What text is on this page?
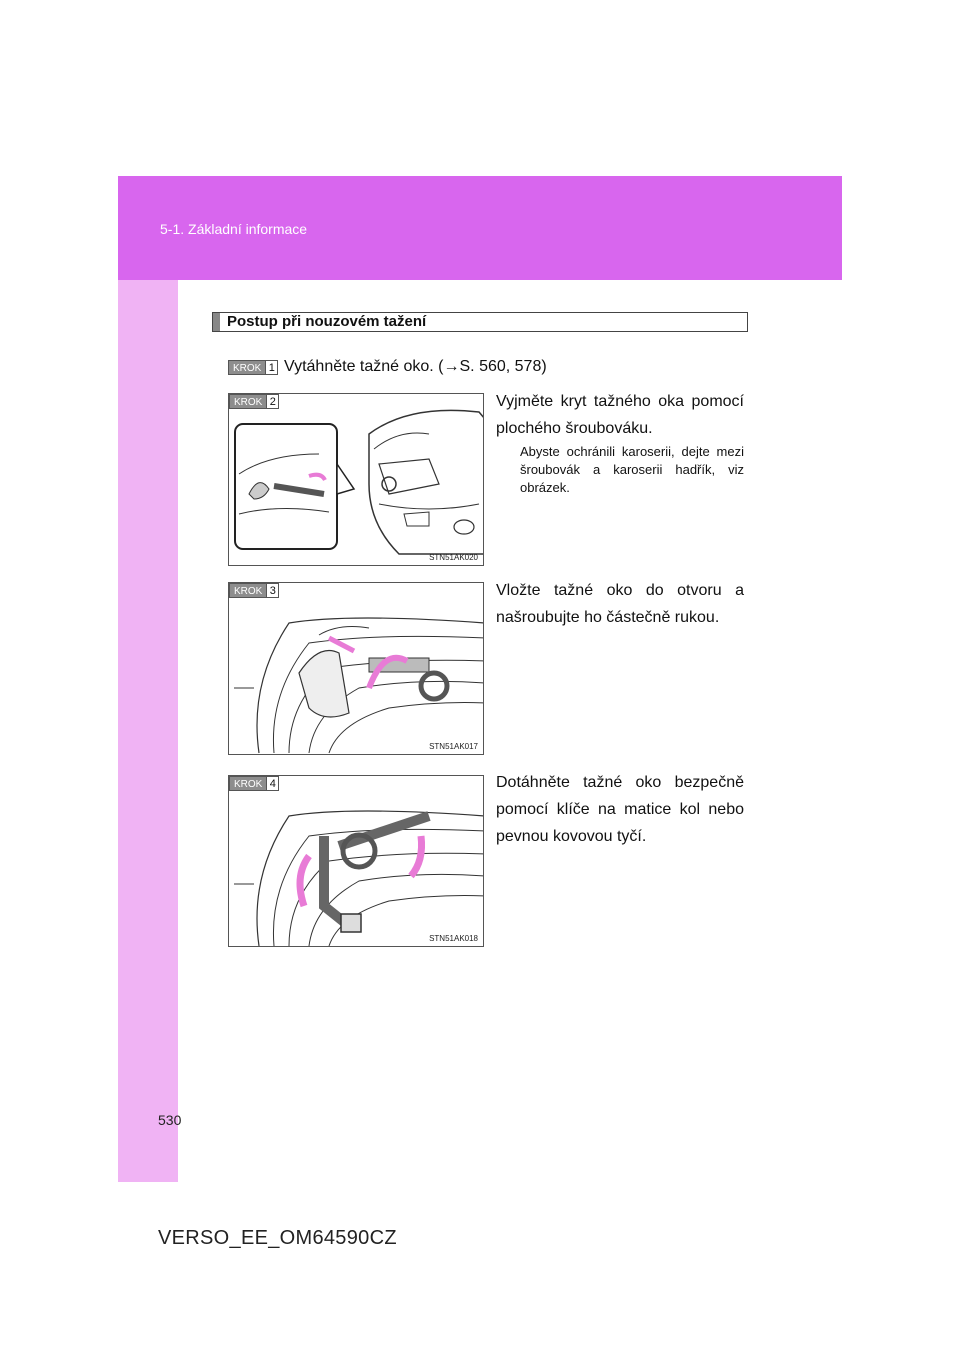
5-1. Základní informace
Postup při nouzovém tažení
KROK 1 Vytáhněte tažné oko. (→S. 560, 578)
KROK 2
STN51AK020
Vyjměte kryt tažného oka pomocí plochého šroubováku.
Abyste ochránili karoserii, dejte mezi šroubovák a karoserii hadřík, viz obrázek.
KROK 3
STN51AK017
Vložte tažné oko do otvoru a našroubujte ho částečně rukou.
KROK 4
STN51AK018
Dotáhněte tažné oko bezpečně pomocí klíče na matice kol nebo pevnou kovovou tyčí.
530
VERSO_EE_OM64590CZ
